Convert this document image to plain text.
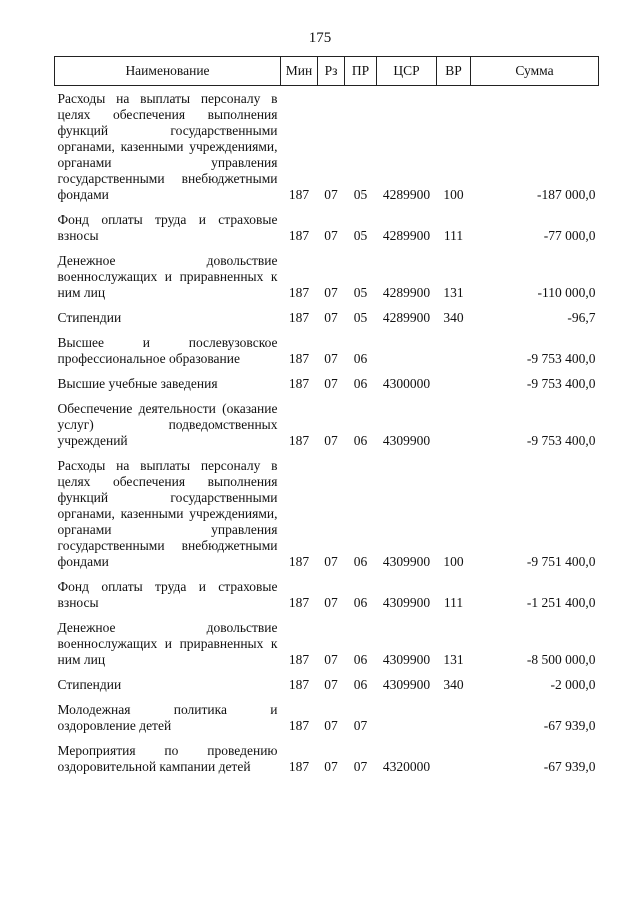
175
Наименование	Мин	Рз	ПР	ЦСР	ВР	Сумма
Расходы на выплаты персоналу в целях обеспечения выполнения функций государственными органами, казенными учреждениями, органами управления государственными внебюджетными фондами	187	07	05	4289900	100	-187 000,0
Фонд оплаты труда и страховые взносы	187	07	05	4289900	111	-77 000,0
Денежное довольствие военнослужащих и приравненных к ним лиц	187	07	05	4289900	131	-110 000,0
Стипендии	187	07	05	4289900	340	-96,7
Высшее и послевузовское профессиональное образование	187	07	06			-9 753 400,0
Высшие учебные заведения	187	07	06	4300000		-9 753 400,0
Обеспечение деятельности (оказание услуг) подведомственных учреждений	187	07	06	4309900		-9 753 400,0
Расходы на выплаты персоналу в целях обеспечения выполнения функций государственными органами, казенными учреждениями, органами управления государственными внебюджетными фондами	187	07	06	4309900	100	-9 751 400,0
Фонд оплаты труда и страховые взносы	187	07	06	4309900	111	-1 251 400,0
Денежное довольствие военнослужащих и приравненных к ним лиц	187	07	06	4309900	131	-8 500 000,0
Стипендии	187	07	06	4309900	340	-2 000,0
Молодежная политика и оздоровление детей	187	07	07			-67 939,0
Мероприятия по проведению оздоровительной кампании детей	187	07	07	4320000		-67 939,0
